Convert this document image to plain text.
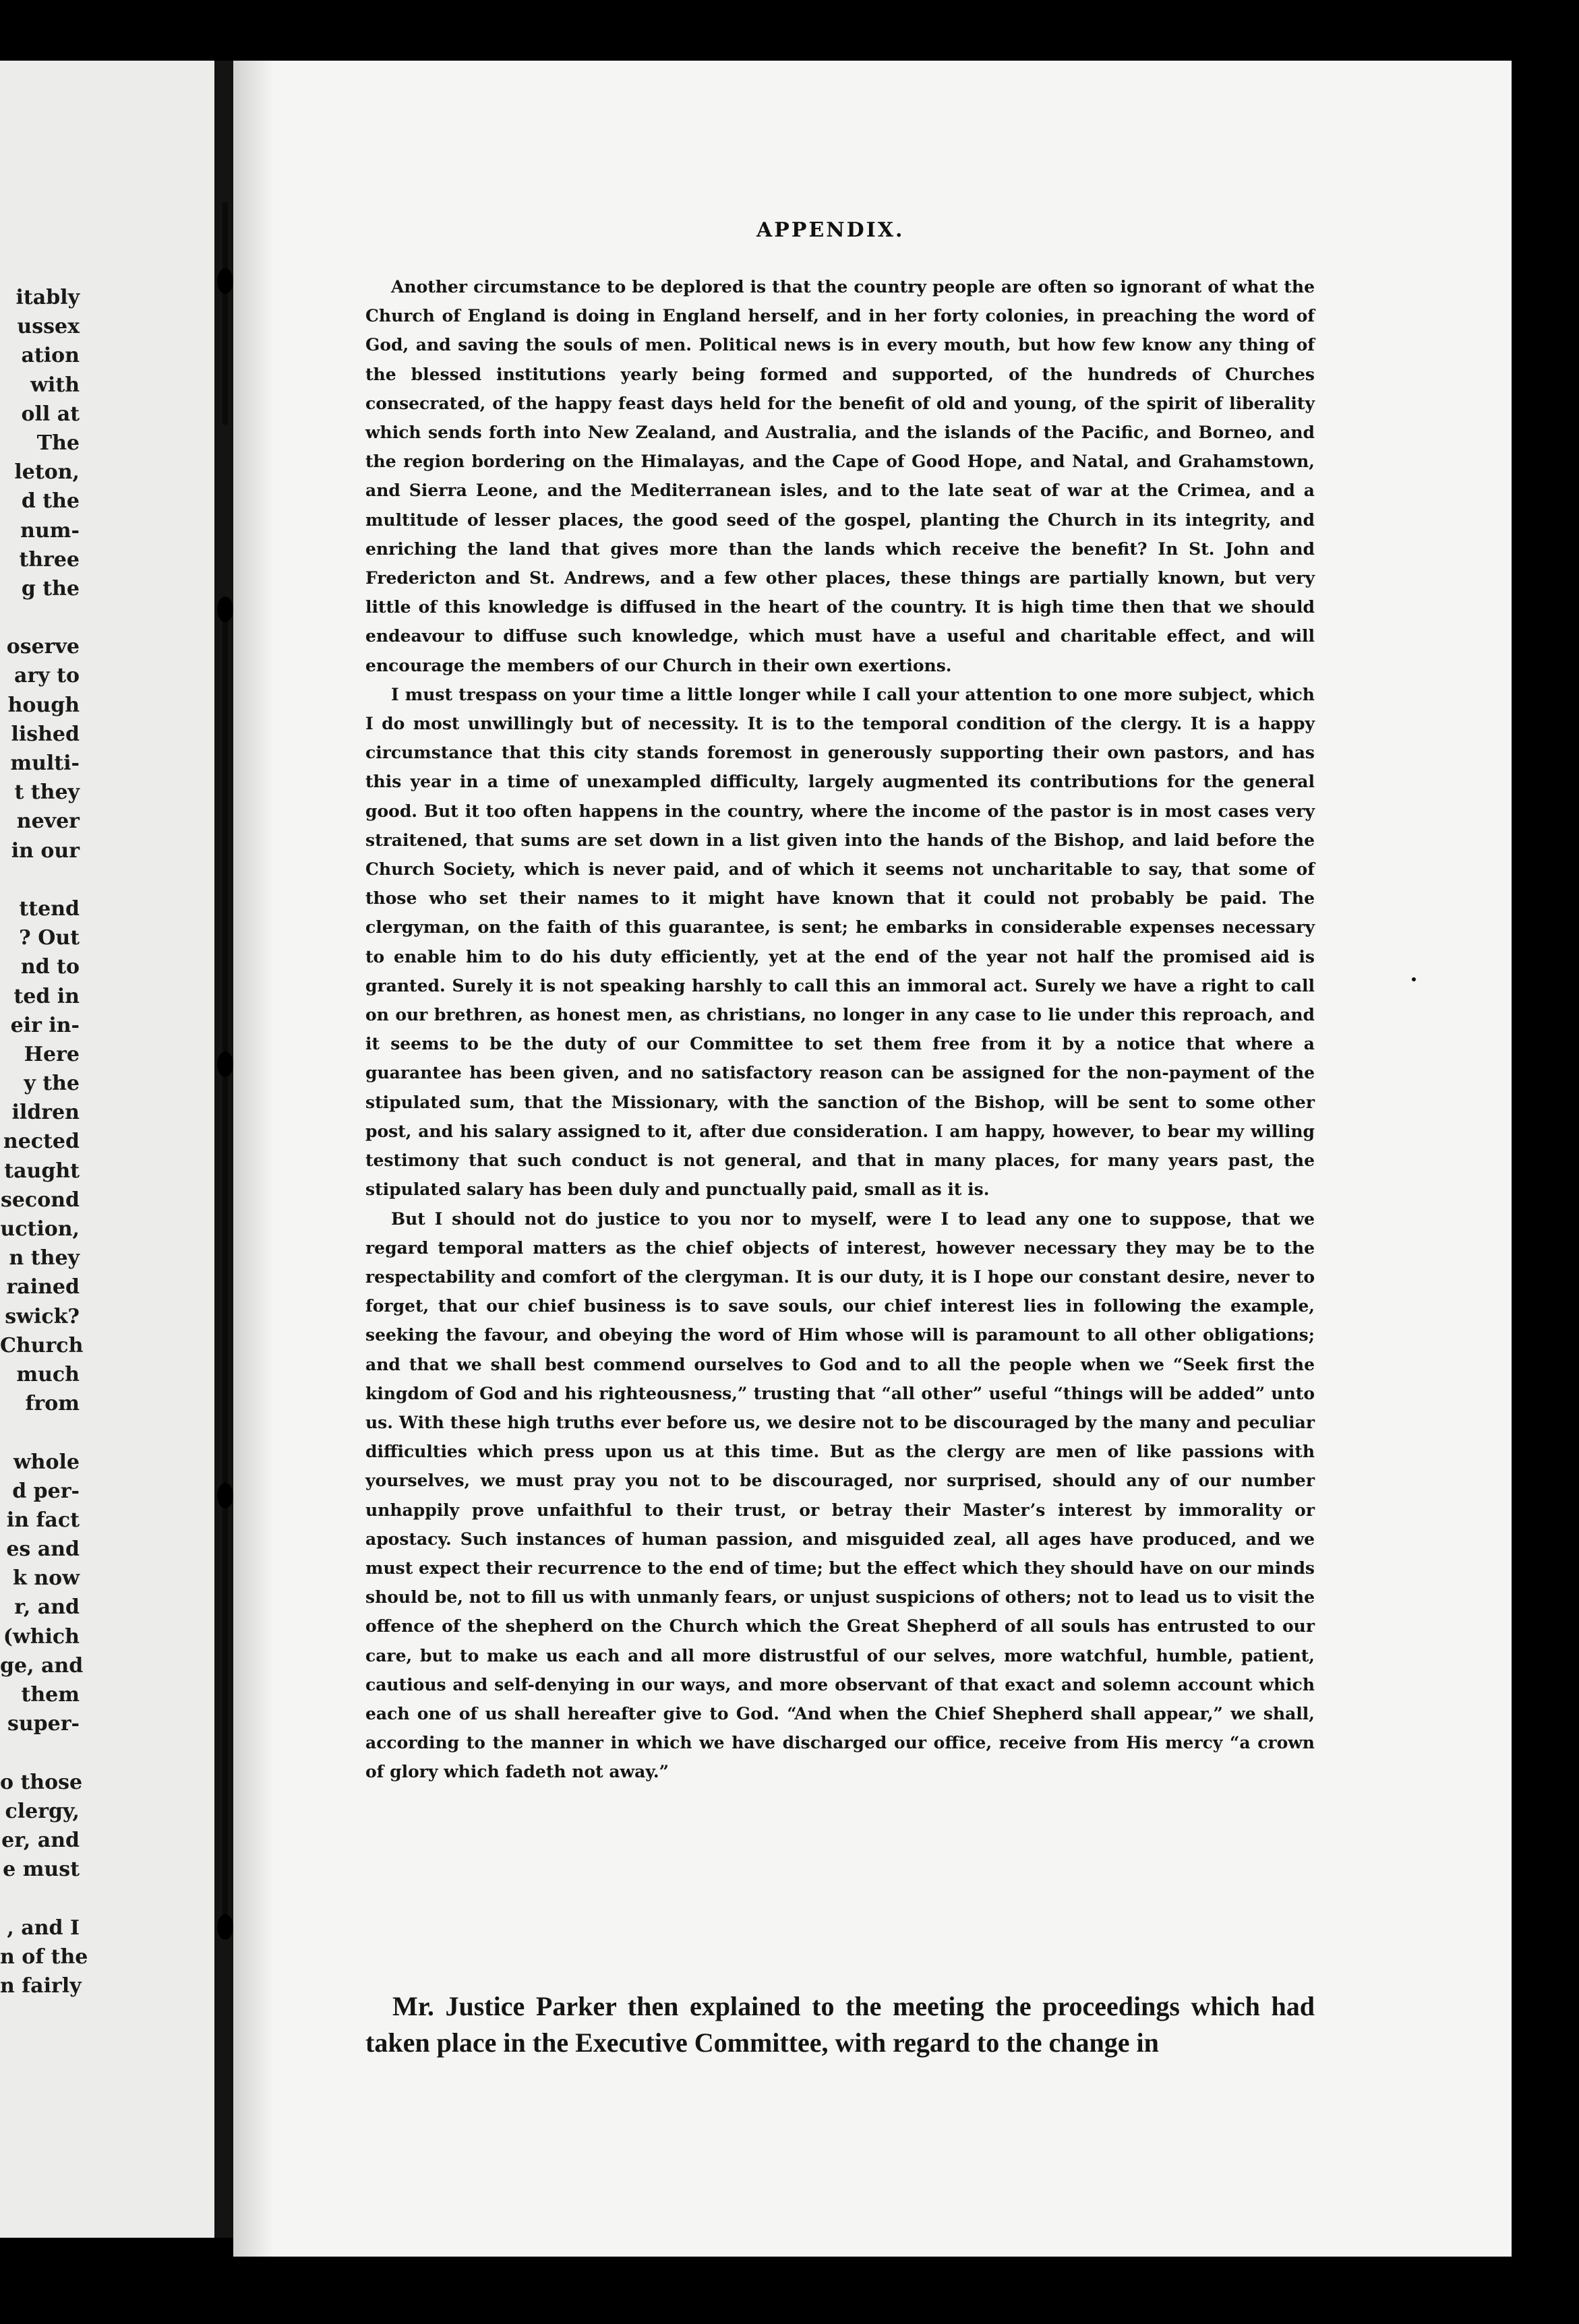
itably
ussex
ation
with
oll at
The
leton,
d the
num-
three
g the
oserve
ary to
hough
lished
multi-
t they
never
in our
ttend
? Out
nd to
ted in
eir in-
Here
y the
ildren
nected
taught
second
uction,
n they
rained
swick?
Church
much
from
whole
d per-
in fact
es and
k now
r, and
(which
ge, and
them
super-
o those
clergy,
er, and
e must
, and I
n of the
n fairly
APPENDIX.

Another circumstance to be deplored is that the country people are often so ignorant of what the Church of England is doing in England herself, and in her forty colonies, in preaching the word of God, and saving the souls of men. Political news is in every mouth, but how few know any thing of the blessed institutions yearly being formed and supported, of the hundreds of Churches consecrated, of the happy feast days held for the benefit of old and young, of the spirit of liberality which sends forth into New Zealand, and Australia, and the islands of the Pacific, and Borneo, and the region bordering on the Himalayas, and the Cape of Good Hope, and Natal, and Grahamstown, and Sierra Leone, and the Mediterranean isles, and to the late seat of war at the Crimea, and a multitude of lesser places, the good seed of the gospel, planting the Church in its integrity, and enriching the land that gives more than the lands which receive the benefit? In St. John and Fredericton and St. Andrews, and a few other places, these things are partially known, but very little of this knowledge is diffused in the heart of the country. It is high time then that we should endeavour to diffuse such knowledge, which must have a useful and charitable effect, and will encourage the members of our Church in their own exertions.

I must trespass on your time a little longer while I call your attention to one more subject, which I do most unwillingly but of necessity. It is to the temporal condition of the clergy. It is a happy circumstance that this city stands foremost in generously supporting their own pastors, and has this year in a time of unexampled difficulty, largely augmented its contributions for the general good. But it too often happens in the country, where the income of the pastor is in most cases very straitened, that sums are set down in a list given into the hands of the Bishop, and laid before the Church Society, which is never paid, and of which it seems not uncharitable to say, that some of those who set their names to it might have known that it could not probably be paid. The clergyman, on the faith of this guarantee, is sent; he embarks in considerable expenses necessary to enable him to do his duty efficiently, yet at the end of the year not half the promised aid is granted. Surely it is not speaking harshly to call this an immoral act. Surely we have a right to call on our brethren, as honest men, as christians, no longer in any case to lie under this reproach, and it seems to be the duty of our Committee to set them free from it by a notice that where a guarantee has been given, and no satisfactory reason can be assigned for the non-payment of the stipulated sum, that the Missionary, with the sanction of the Bishop, will be sent to some other post, and his salary assigned to it, after due consideration. I am happy, however, to bear my willing testimony that such conduct is not general, and that in many places, for many years past, the stipulated salary has been duly and punctually paid, small as it is.

But I should not do justice to you nor to myself, were I to lead any one to suppose, that we regard temporal matters as the chief objects of interest, however necessary they may be to the respectability and comfort of the clergyman. It is our duty, it is I hope our constant desire, never to forget, that our chief business is to save souls, our chief interest lies in following the example, seeking the favour, and obeying the word of Him whose will is paramount to all other obligations; and that we shall best commend ourselves to God and to all the people when we “Seek first the kingdom of God and his righteousness,” trusting that “all other” useful “things will be added” unto us. With these high truths ever before us, we desire not to be discouraged by the many and peculiar difficulties which press upon us at this time. But as the clergy are men of like passions with yourselves, we must pray you not to be discouraged, nor surprised, should any of our number unhappily prove unfaithful to their trust, or betray their Master’s interest by immorality or apostacy. Such instances of human passion, and misguided zeal, all ages have produced, and we must expect their recurrence to the end of time; but the effect which they should have on our minds should be, not to fill us with unmanly fears, or unjust suspicions of others; not to lead us to visit the offence of the shepherd on the Church which the Great Shepherd of all souls has entrusted to our care, but to make us each and all more distrustful of our selves, more watchful, humble, patient, cautious and self-denying in our ways, and more observant of that exact and solemn account which each one of us shall hereafter give to God. “And when the Chief Shepherd shall appear,” we shall, according to the manner in which we have discharged our office, receive from His mercy “a crown of glory which fadeth not away.”

Mr. Justice Parker then explained to the meeting the proceedings which had taken place in the Executive Committee, with regard to the change in
